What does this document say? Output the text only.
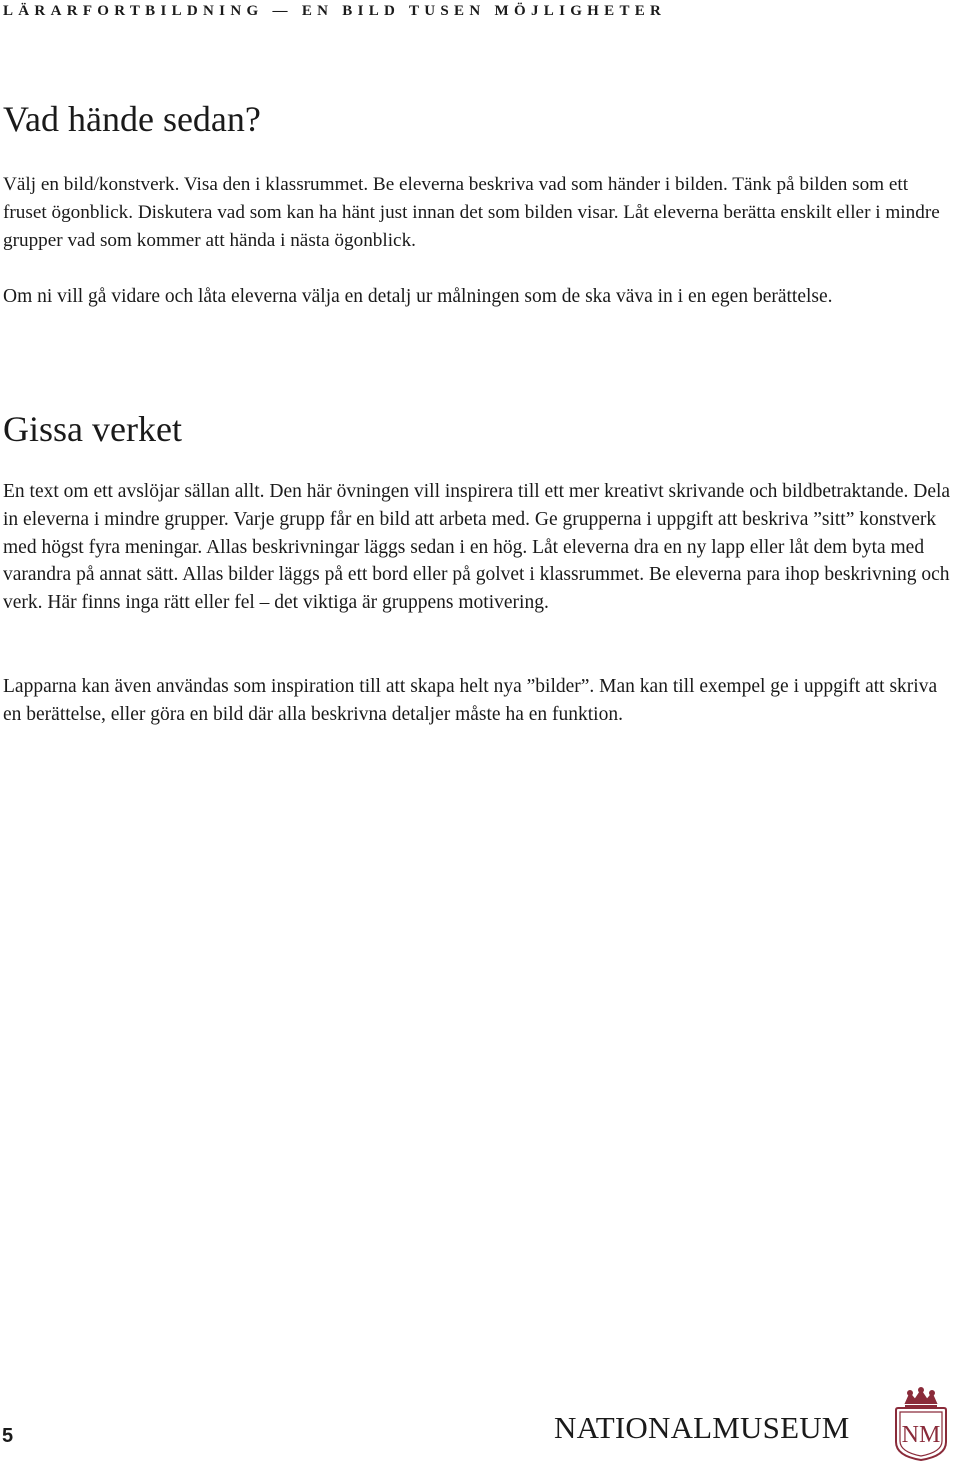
LÄRARFORTBILDNING — EN BILD TUSEN MÖJLIGHETER
Vad hände sedan?

Välj en bild/konstverk. Visa den i klassrummet. Be eleverna beskriva vad som händer i bilden. Tänk på bilden som ett fruset ögonblick. Diskutera vad som kan ha hänt just innan det som bilden visar. Låt eleverna berätta enskilt eller i mindre grupper vad som kommer att hända i nästa ögonblick.

Om ni vill gå vidare och låta eleverna välja en detalj ur målningen som de ska väva in i en egen berättelse.

Gissa verket

En text om ett avslöjar sällan allt. Den här övningen vill inspirera till ett mer kreativt skrivande och bildbetraktande. Dela in eleverna i mindre grupper. Varje grupp får en bild att arbeta med. Ge grupperna i uppgift att beskriva ”sitt” konstverk med högst fyra meningar. Allas beskrivningar läggs sedan i en hög. Låt eleverna dra en ny lapp eller låt dem byta med varandra på annat sätt. Allas bilder läggs på ett bord eller på golvet i klassrummet. Be eleverna para ihop beskrivning och verk. Här finns inga rätt eller fel – det viktiga är gruppens motivering.

Lapparna kan även användas som inspiration till att skapa helt nya ”bilder”. Man kan till exempel ge i uppgift att skriva en berättelse, eller göra en bild där alla beskrivna detaljer måste ha en funktion.

5	NATIONALMUSEUM NM
